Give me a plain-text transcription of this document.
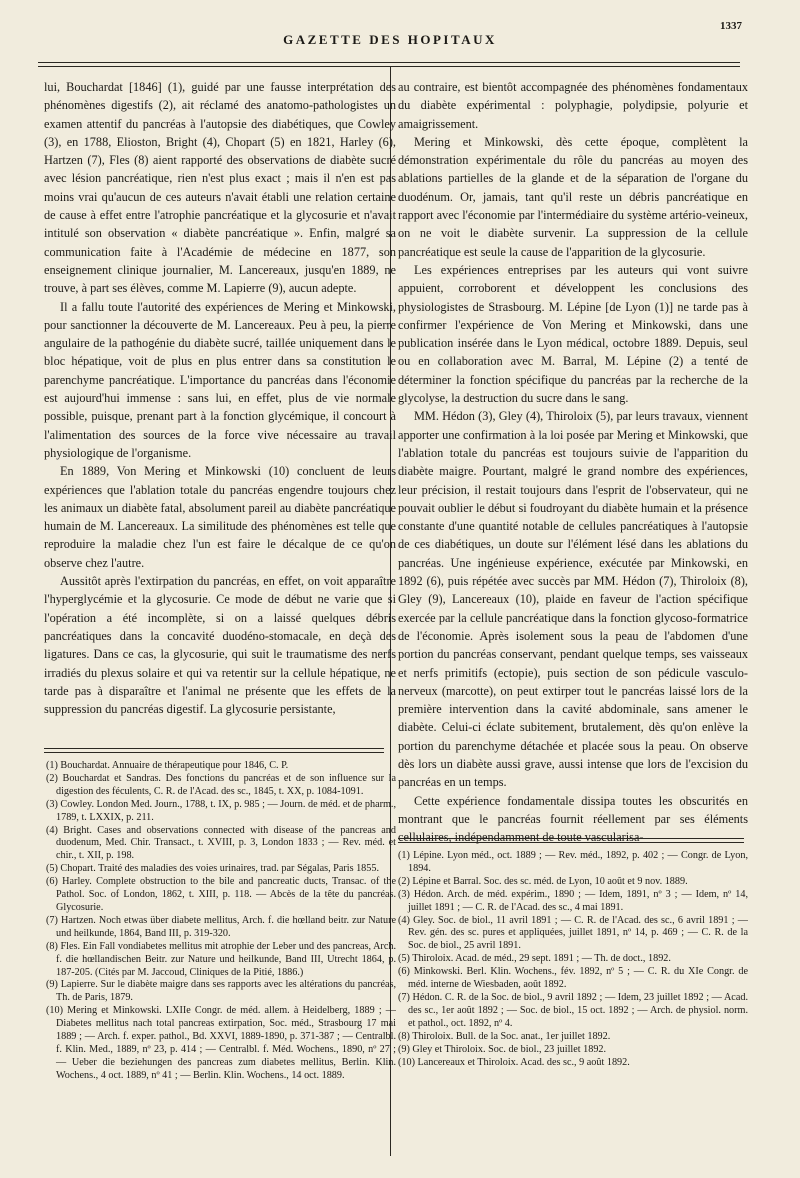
GAZETTE DES HOPITAUX
1337

lui, Bouchardat [1846] (1), guidé par une fausse interprétation des phénomènes digestifs (2), ait réclamé des anatomo-pathologistes un examen attentif du pancréas à l'autopsie des diabétiques, que Cowley (3), en 1788, Elioston, Bright (4), Chopart (5) en 1821, Harley (6), Hartzen (7), Fles (8) aient rapporté des observations de diabète sucré avec lésion pancréatique, rien n'est plus exact ; mais il n'en est pas moins vrai qu'aucun de ces auteurs n'avait établi une relation certaine de cause à effet entre l'atrophie pancréatique et la glycosurie et n'avait intitulé son observation « diabète pancréatique ». Enfin, malgré sa communication faite à l'Académie de médecine en 1877, son enseignement clinique journalier, M. Lancereaux, jusqu'en 1889, ne trouve, à part ses élèves, comme M. Lapierre (9), aucun adepte.

Il a fallu toute l'autorité des expériences de Mering et Minkowski, pour sanctionner la découverte de M. Lancereaux. Peu à peu, la pierre angulaire de la pathogénie du diabète sucré, taillée uniquement dans le bloc hépatique, voit de plus en plus entrer dans sa constitution le parenchyme pancréatique. L'importance du pancréas dans l'économie est aujourd'hui immense : sans lui, en effet, plus de vie normale possible, puisque, prenant part à la fonction glycémique, il concourt à l'alimentation des sources de la force vive nécessaire au travail physiologique de l'organisme.

En 1889, Von Mering et Minkowski (10) concluent de leurs expériences que l'ablation totale du pancréas engendre toujours chez les animaux un diabète fatal, absolument pareil au diabète pancréatique humain de M. Lancereaux. La similitude des phénomènes est telle que reproduire la maladie chez l'un est faire le décalque de ce qu'on observe chez l'autre.

Aussitôt après l'extirpation du pancréas, en effet, on voit apparaître l'hyperglycémie et la glycosurie. Ce mode de début ne varie que si l'opération a été incomplète, si on a laissé quelques débris pancréatiques dans la concavité duodéno-stomacale, en deçà des ligatures. Dans ce cas, la glycosurie, qui suit le traumatisme des nerfs irradiés du plexus solaire et qui va retentir sur la cellule hépatique, ne tarde pas à disparaître et l'animal ne présente que les effets de la suppression du pancréas digestif. La glycosurie persistante,

(1) Bouchardat. Annuaire de thérapeutique pour 1846, C. P.
(2) Bouchardat et Sandras. Des fonctions du pancréas et de son influence sur la digestion des féculents, C. R. de l'Acad. des sc., 1845, t. XX, p. 1084-1091.
(3) Cowley. London Med. Journ., 1788, t. IX, p. 985 ; — Journ. de méd. et de pharm., 1789, t. LXXIX, p. 211.
(4) Bright. Cases and observations connected with disease of the pancreas and duodenum, Med. Chir. Transact., t. XVIII, p. 3, London 1833 ; — Rev. méd. et chir., t. XII, p. 198.
(5) Chopart. Traité des maladies des voies urinaires, trad. par Ségalas, Paris 1855.
(6) Harley. Complete obstruction to the bile and pancreatic ducts, Transac. of the Pathol. Soc. of London, 1862, t. XIII, p. 118. — Abcès de la tête du pancréas. Glycosurie.
(7) Hartzen. Noch etwas über diabete mellitus, Arch. f. die hœlland beitr. zur Nature und heilkunde, 1864, Band III, p. 319-320.
(8) Fles. Ein Fall vondiabetes mellitus mit atrophie der Leber und des pancreas, Arch. f. die hœllandischen Beitr. zur Nature und heilkunde, Band III, Utrecht 1864, p. 187-205. (Cités par M. Jaccoud, Cliniques de la Pitié, 1886.)
(9) Lapierre. Sur le diabète maigre dans ses rapports avec les altérations du pancréas, Th. de Paris, 1879.
(10) Mering et Minkowski. LXIIe Congr. de méd. allem. à Heidelberg, 1889 ; — Diabetes mellitus nach total pancreas extirpation, Soc. méd., Strasbourg 17 mai 1889 ; — Arch. f. exper. pathol., Bd. XXVI, 1889-1890, p. 371-387 ; — Centralbl. f. Klin. Med., 1889, nº 23, p. 414 ; — Centralbl. f. Méd. Wochens., 1890, nº 27 ; — Ueber die beziehungen des pancreas zum diabetes mellitus, Berlin. Klin. Wochens., 4 oct. 1889, nº 41 ; — Berlin. Klin. Wochens., 14 oct. 1889.

au contraire, est bientôt accompagnée des phénomènes fondamentaux du diabète expérimental : polyphagie, polydipsie, polyurie et amaigrissement.

Mering et Minkowski, dès cette époque, complètent la démonstration expérimentale du rôle du pancréas au moyen des ablations partielles de la glande et de la séparation de l'organe du duodénum. Or, jamais, tant qu'il reste un débris pancréatique en rapport avec l'économie par l'intermédiaire du système artério-veineux, on ne voit le diabète survenir. La suppression de la cellule pancréatique est seule la cause de l'apparition de la glycosurie.

Les expériences entreprises par les auteurs qui vont suivre appuient, corroborent et développent les conclusions des physiologistes de Strasbourg. M. Lépine [de Lyon (1)] ne tarde pas à confirmer l'expérience de Von Mering et Minkowski, dans une publication insérée dans le Lyon médical, octobre 1889. Depuis, seul ou en collaboration avec M. Barral, M. Lépine (2) a tenté de déterminer la fonction spécifique du pancréas par la recherche de la glycolyse, la destruction du sucre dans le sang.

MM. Hédon (3), Gley (4), Thiroloix (5), par leurs travaux, viennent apporter une confirmation à la loi posée par Mering et Minkowski, que l'ablation totale du pancréas est toujours suivie de l'apparition du diabète maigre. Pourtant, malgré le grand nombre des expériences, leur précision, il restait toujours dans l'esprit de l'observateur, qui ne pouvait oublier le début si foudroyant du diabète humain et la présence constante d'une quantité notable de cellules pancréatiques à l'autopsie de ces diabétiques, un doute sur l'élément lésé dans les ablations du pancréas. Une ingénieuse expérience, exécutée par Minkowski, en 1892 (6), puis répétée avec succès par MM. Hédon (7), Thiroloix (8), Gley (9), Lancereaux (10), plaide en faveur de l'action spécifique exercée par la cellule pancréatique dans la fonction glycoso-formatrice de l'économie. Après isolement sous la peau de l'abdomen d'une portion du pancréas conservant, pendant quelque temps, ses vaisseaux et nerfs primitifs (ectopie), puis section de son pédicule vasculo-nerveux (marcotte), on peut extirper tout le pancréas laissé lors de la première intervention dans la cavité abdominale, sans amener le diabète. Celui-ci éclate subitement, brutalement, dès qu'on enlève la portion du parenchyme détachée et placée sous la peau. On observe dès lors un diabète aussi grave, aussi intense que lors de l'excision du pancréas en un temps.

Cette expérience fondamentale dissipa toutes les obscurités en montrant que le pancréas fournit réellement par ses éléments cellulaires, indépendamment de toute vascularisa-

(1) Lépine. Lyon méd., oct. 1889 ; — Rev. méd., 1892, p. 402 ; — Congr. de Lyon, 1894.
(2) Lépine et Barral. Soc. des sc. méd. de Lyon, 10 août et 9 nov. 1889.
(3) Hédon. Arch. de méd. expérim., 1890 ; — Idem, 1891, nº 3 ; — Idem, nº 14, juillet 1891 ; — C. R. de l'Acad. des sc., 4 mai 1891.
(4) Gley. Soc. de biol., 11 avril 1891 ; — C. R. de l'Acad. des sc., 6 avril 1891 ; — Rev. gén. des sc. pures et appliquées, juillet 1891, nº 14, p. 469 ; — C. R. de la Soc. de biol., 25 avril 1891.
(5) Thiroloix. Acad. de méd., 29 sept. 1891 ; — Th. de doct., 1892.
(6) Minkowski. Berl. Klin. Wochens., fév. 1892, nº 5 ; — C. R. du XIe Congr. de méd. interne de Wiesbaden, août 1892.
(7) Hédon. C. R. de la Soc. de biol., 9 avril 1892 ; — Idem, 23 juillet 1892 ; — Acad. des sc., 1er août 1892 ; — Soc. de biol., 15 oct. 1892 ; — Arch. de physiol. norm. et pathol., oct. 1892, nº 4.
(8) Thiroloix. Bull. de la Soc. anat., 1er juillet 1892.
(9) Gley et Thiroloix. Soc. de biol., 23 juillet 1892.
(10) Lancereaux et Thiroloix. Acad. des sc., 9 août 1892.
